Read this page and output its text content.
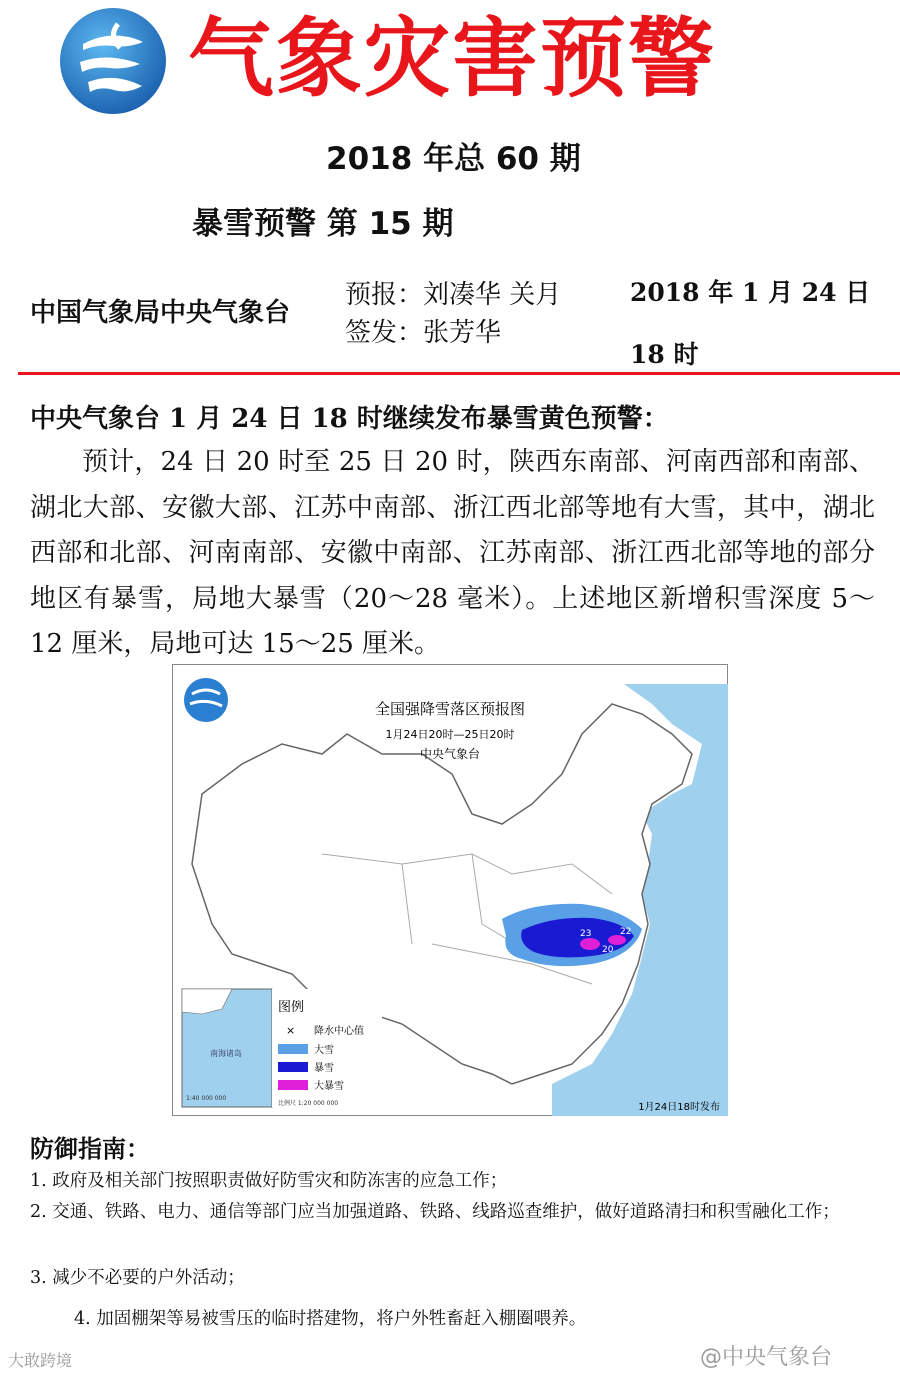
气象灾害预警
2018 年总 60 期
暴雪预警 第 15 期
中国气象局中央气象台
预报：刘凑华 关月
签发：张芳华
2018 年 1 月 24 日 18 时
中央气象台 1 月 24 日 18 时继续发布暴雪黄色预警：
预计，24 日 20 时至 25 日 20 时，陕西东南部、河南西部和南部、湖北大部、安徽大部、江苏中南部、浙江西北部等地有大雪，其中，湖北西部和北部、河南南部、安徽中南部、江苏南部、浙江西北部等地的部分地区有暴雪，局地大暴雪（20～28 毫米）。上述地区新增积雪深度 5～12 厘米，局地可达 15～25 厘米。
23
20
22
全国强降雪落区预报图
1月24日20时—25日20时
中央气象台
南海诸岛
1:40 000 000
图例
× 降水中心值
大雪
暴雪
大暴雪
比例尺 1:20 000 000	1月24日18时发布
防御指南：
1. 政府及相关部门按照职责做好防雪灾和防冻害的应急工作；
2. 交通、铁路、电力、通信等部门应当加强道路、铁路、线路巡查维护，做好道路清扫和积雪融化工作；
3. 减少不必要的户外活动；
4. 加固棚架等易被雪压的临时搭建物，将户外牲畜赶入棚圈喂养。
大敢跨境	@中央气象台
